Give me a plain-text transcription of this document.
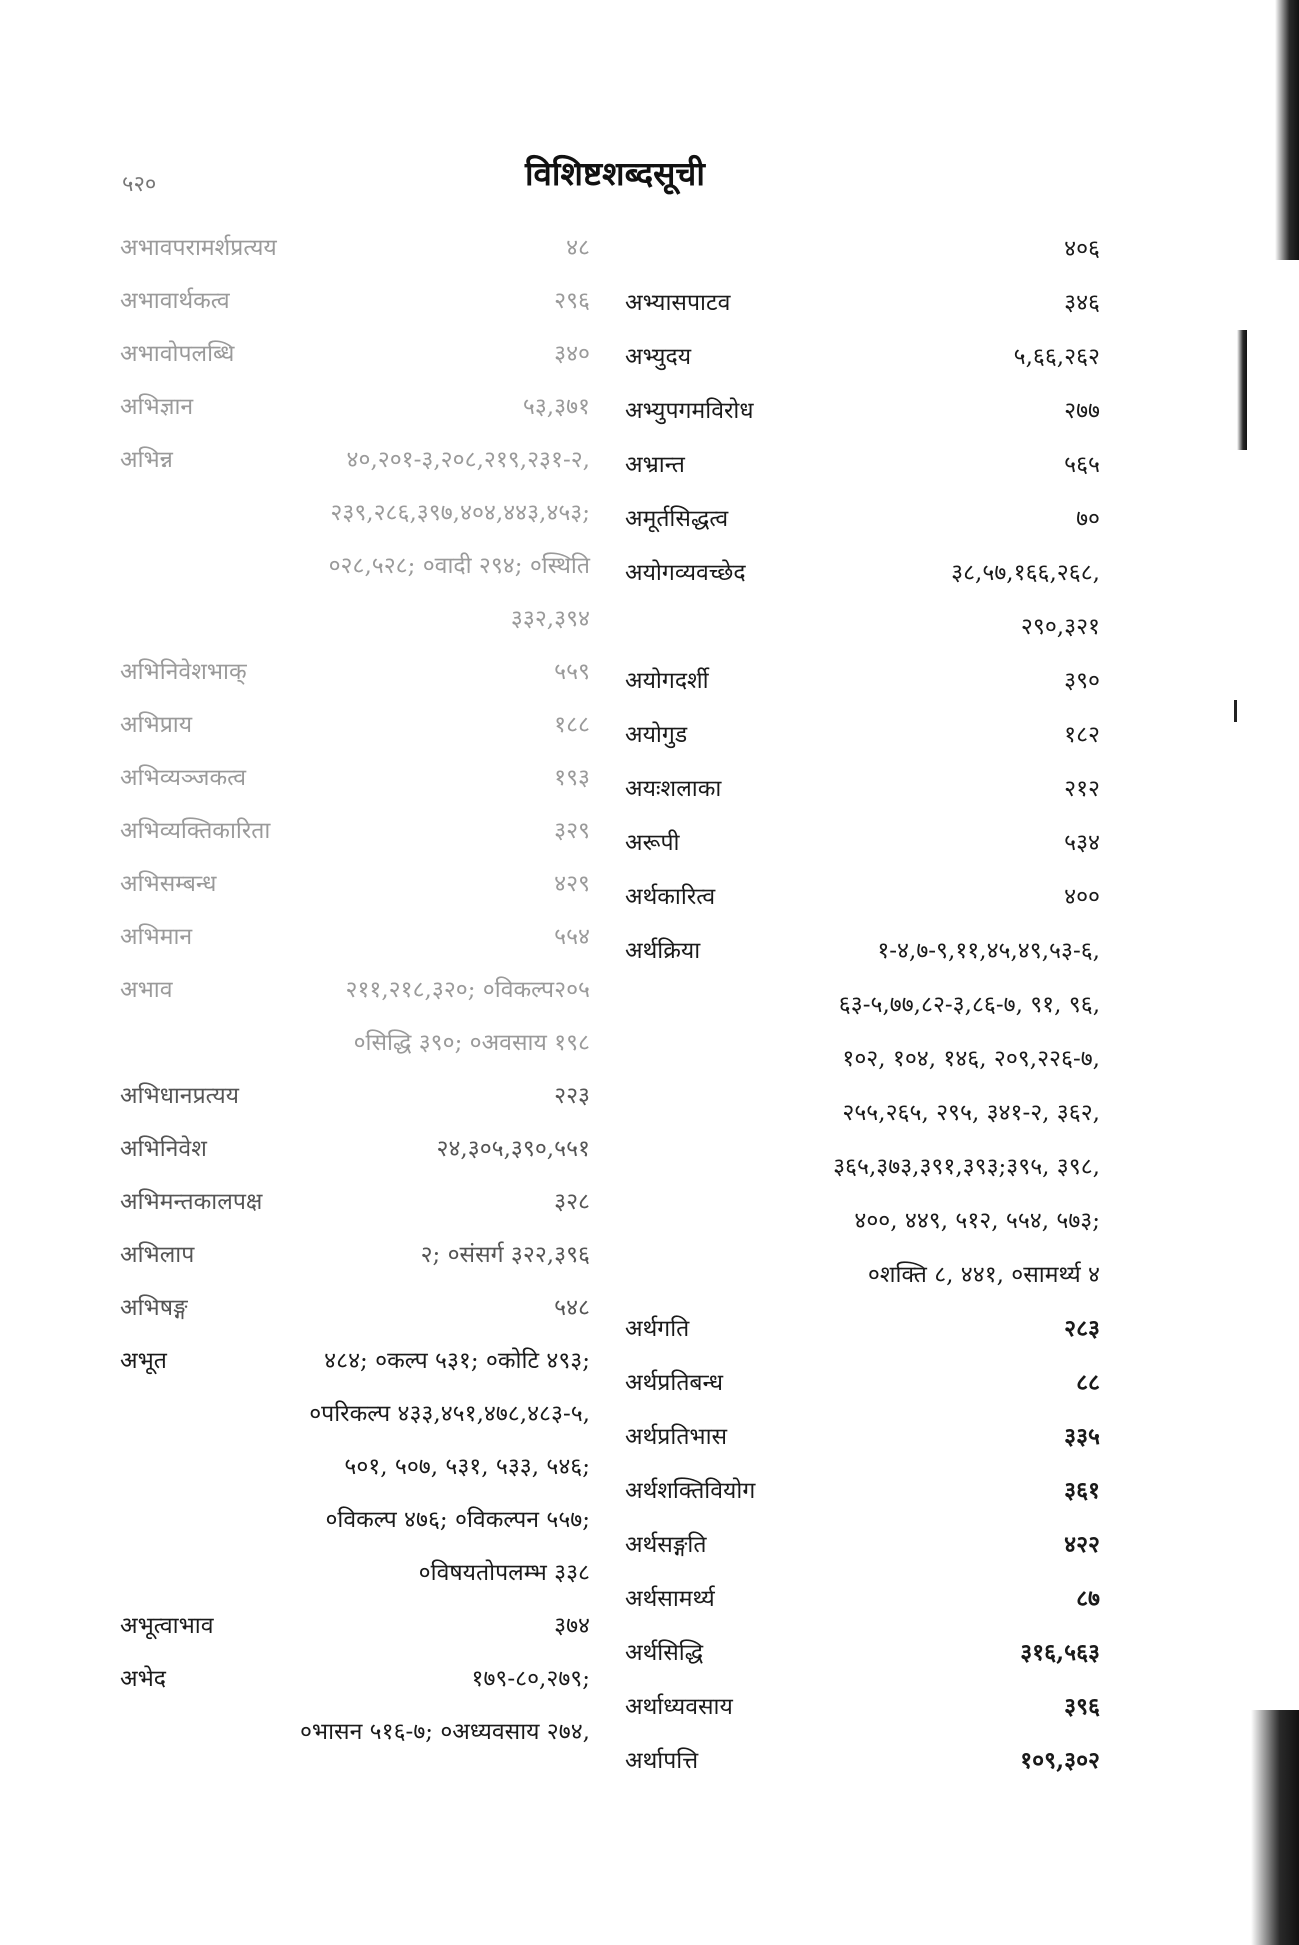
५२०	विशिष्टशब्दसूची
अभावपरामर्शप्रत्यय	४८
अभावार्थकत्व	२९६
अभावोपलब्धि	३४०
अभिज्ञान	५३,३७१
अभिन्न	४०,२०१-३,२०८,२१९,२३१-२,
२३९,२८६,३९७,४०४,४४३,४५३;
०२८,५२८; ०वादी २९४; ०स्थिति
३३२,३९४
अभिनिवेशभाक्	५५९
अभिप्राय	१८८
अभिव्यञ्जकत्व	१९३
अभिव्यक्तिकारिता	३२९
अभिसम्बन्ध	४२९
अभिमान	५५४
अभाव	२११,२१८,३२०; ०विकल्प२०५
०सिद्धि ३९०; ०अवसाय १९८
अभिधानप्रत्यय	२२३
अभिनिवेश	२४,३०५,३९०,५५१
अभिमन्तकालपक्ष	३२८
अभिलाप	२; ०संसर्ग ३२२,३९६
अभिषङ्ग	५४८
अभूत	४८४; ०कल्प ५३१; ०कोटि ४९३;
०परिकल्प ४३३,४५१,४७८,४८३-५,
५०१, ५०७, ५३१, ५३३, ५४६;
०विकल्प ४७६; ०विकल्पन ५५७;
०विषयतोपलम्भ ३३८
अभूत्वाभाव	३७४
अभेद	१७९-८०,२७९;
०भासन ५१६-७; ०अध्यवसाय २७४,
४०६
अभ्यासपाटव	३४६
अभ्युदय	५,६६,२६२
अभ्युपगमविरोध	२७७
अभ्रान्त	५६५
अमूर्तसिद्धत्व	७०
अयोगव्यवच्छेद	३८,५७,१६६,२६८,
२९०,३२१
अयोगदर्शी	३९०
अयोगुड	१८२
अयःशलाका	२१२
अरूपी	५३४
अर्थकारित्व	४००
अर्थक्रिया	१-४,७-९,११,४५,४९,५३-६,
६३-५,७७,८२-३,८६-७, ९१, ९६,
१०२, १०४, १४६, २०९,२२६-७,
२५५,२६५, २९५, ३४१-२, ३६२,
३६५,३७३,३९१,३९३;३९५, ३९८,
४००, ४४९, ५१२, ५५४, ५७३;
०शक्ति ८, ४४१, ०सामर्थ्य ४
अर्थगति	२८३
अर्थप्रतिबन्ध	८८
अर्थप्रतिभास	३३५
अर्थशक्तिवियोग	३६१
अर्थसङ्गति	४२२
अर्थसामर्थ्य	८७
अर्थसिद्धि	३१६,५६३
अर्थाध्यवसाय	३९६
अर्थापत्ति	१०९,३०२
